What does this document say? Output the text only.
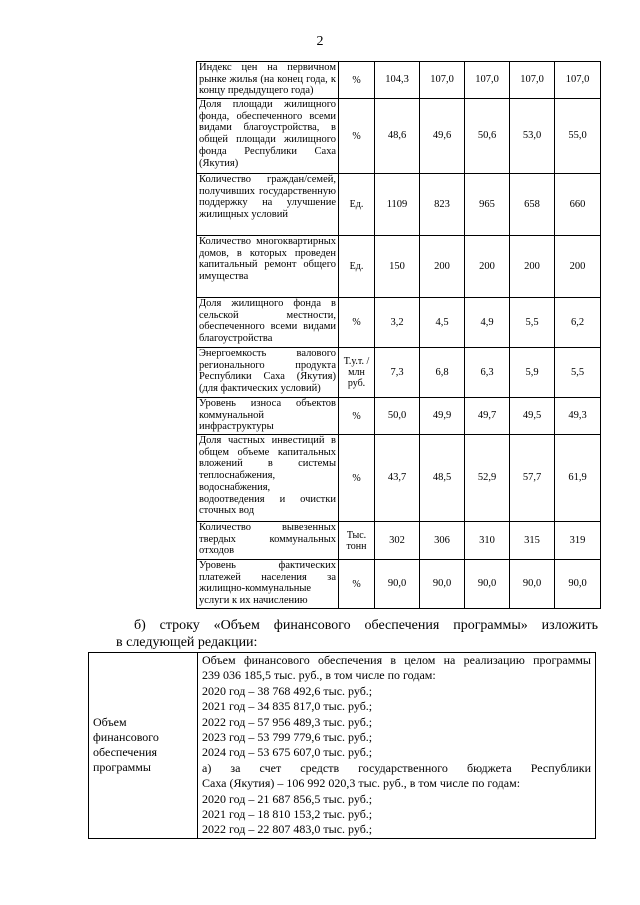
2
Индекс цен на первичном рынке жилья (на конец года, к концу предыдущего года)	%	104,3	107,0	107,0	107,0	107,0
Доля площади жилищного фонда, обеспеченного всеми видами благоустройства, в общей площади жилищного фонда Республики Саха (Якутия)	%	48,6	49,6	50,6	53,0	55,0
Количество граждан/семей, получивших государственную поддержку на улучшение жилищных условий	Ед.	1109	823	965	658	660
Количество многоквартирных домов, в которых проведен капитальный ремонт общего имущества	Ед.	150	200	200	200	200
Доля жилищного фонда в сельской местности, обеспеченного всеми видами благоустройства	%	3,2	4,5	4,9	5,5	6,2
Энергоемкость валового регионального продукта Республики Саха (Якутия) (для фактических условий)	Т.у.т. /млн руб.	7,3	6,8	6,3	5,9	5,5
Уровень износа объектов коммунальной инфраструктуры	%	50,0	49,9	49,7	49,5	49,3
Доля частных инвестиций в общем объеме капитальных вложений в системы теплоснабжения, водоснабжения, водоотведения и очистки сточных вод	%	43,7	48,5	52,9	57,7	61,9
Количество вывезенных твердых коммунальных отходов	Тыс. тонн	302	306	310	315	319
Уровень фактических платежей населения за жилищно-коммунальные услуги к их начислению	%	90,0	90,0	90,0	90,0	90,0
б) строку «Объем финансового обеспечения программы» изложить
в следующей редакции:
Объем финансового обеспечения программы	
Объем финансового обеспечения в целом на реализацию программы
239 036 185,5 тыс. руб., в том числе по годам:
2020 год – 38 768 492,6 тыс. руб.;
2021 год – 34 835 817,0 тыс. руб.;
2022 год – 57 956 489,3 тыс. руб.;
2023 год – 53 799 779,6 тыс. руб.;
2024 год – 53 675 607,0 тыс. руб.;
а) за счет средств государственного бюджета Республики
Саха (Якутия) – 106 992 020,3 тыс. руб., в том числе по годам:
2020 год – 21 687 856,5 тыс. руб.;
2021 год – 18 810 153,2 тыс. руб.;
2022 год – 22 807 483,0 тыс. руб.;
